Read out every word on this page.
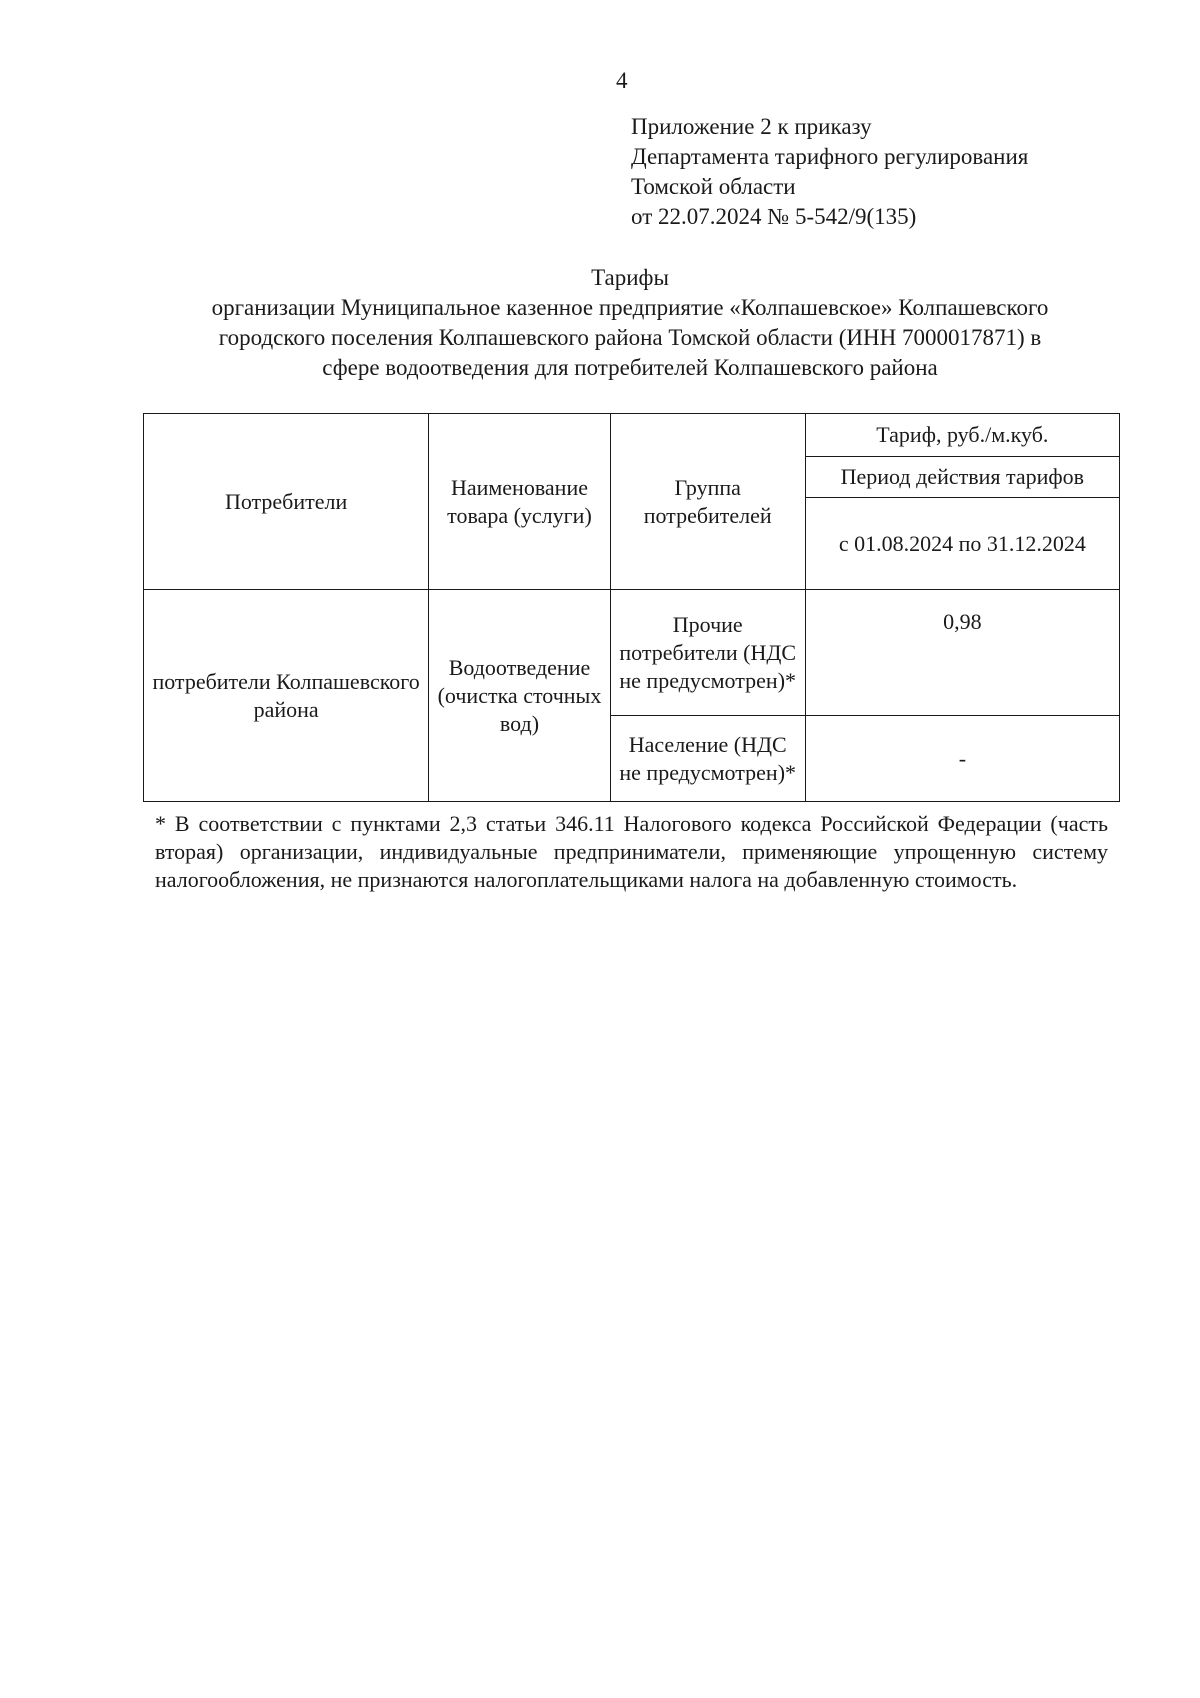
4
Приложение 2 к приказу
Департамента тарифного регулирования
Томской области
от 22.07.2024 № 5-542/9(135)
Тарифы
организации Муниципальное казенное предприятие «Колпашевское» Колпашевского
городского поселения Колпашевского района Томской области (ИНН 7000017871) в
сфере водоотведения для потребителей Колпашевского района
Потребители	Наименование товара (услуги)	Группа потребителей	Тариф, руб./м.куб.
			Период действия тарифов
			с 01.08.2024 по 31.12.2024
потребители Колпашевского района	Водоотведение (очистка сточных вод)	Прочие потребители (НДС не предусмотрен)*	0,98
		Население (НДС не предусмотрен)*	-
* В соответствии с пунктами 2,3 статьи 346.11 Налогового кодекса Российской Федерации (часть вторая) организации, индивидуальные предприниматели, применяющие упрощенную систему налогообложения, не признаются налогоплательщиками налога на добавленную стоимость.
